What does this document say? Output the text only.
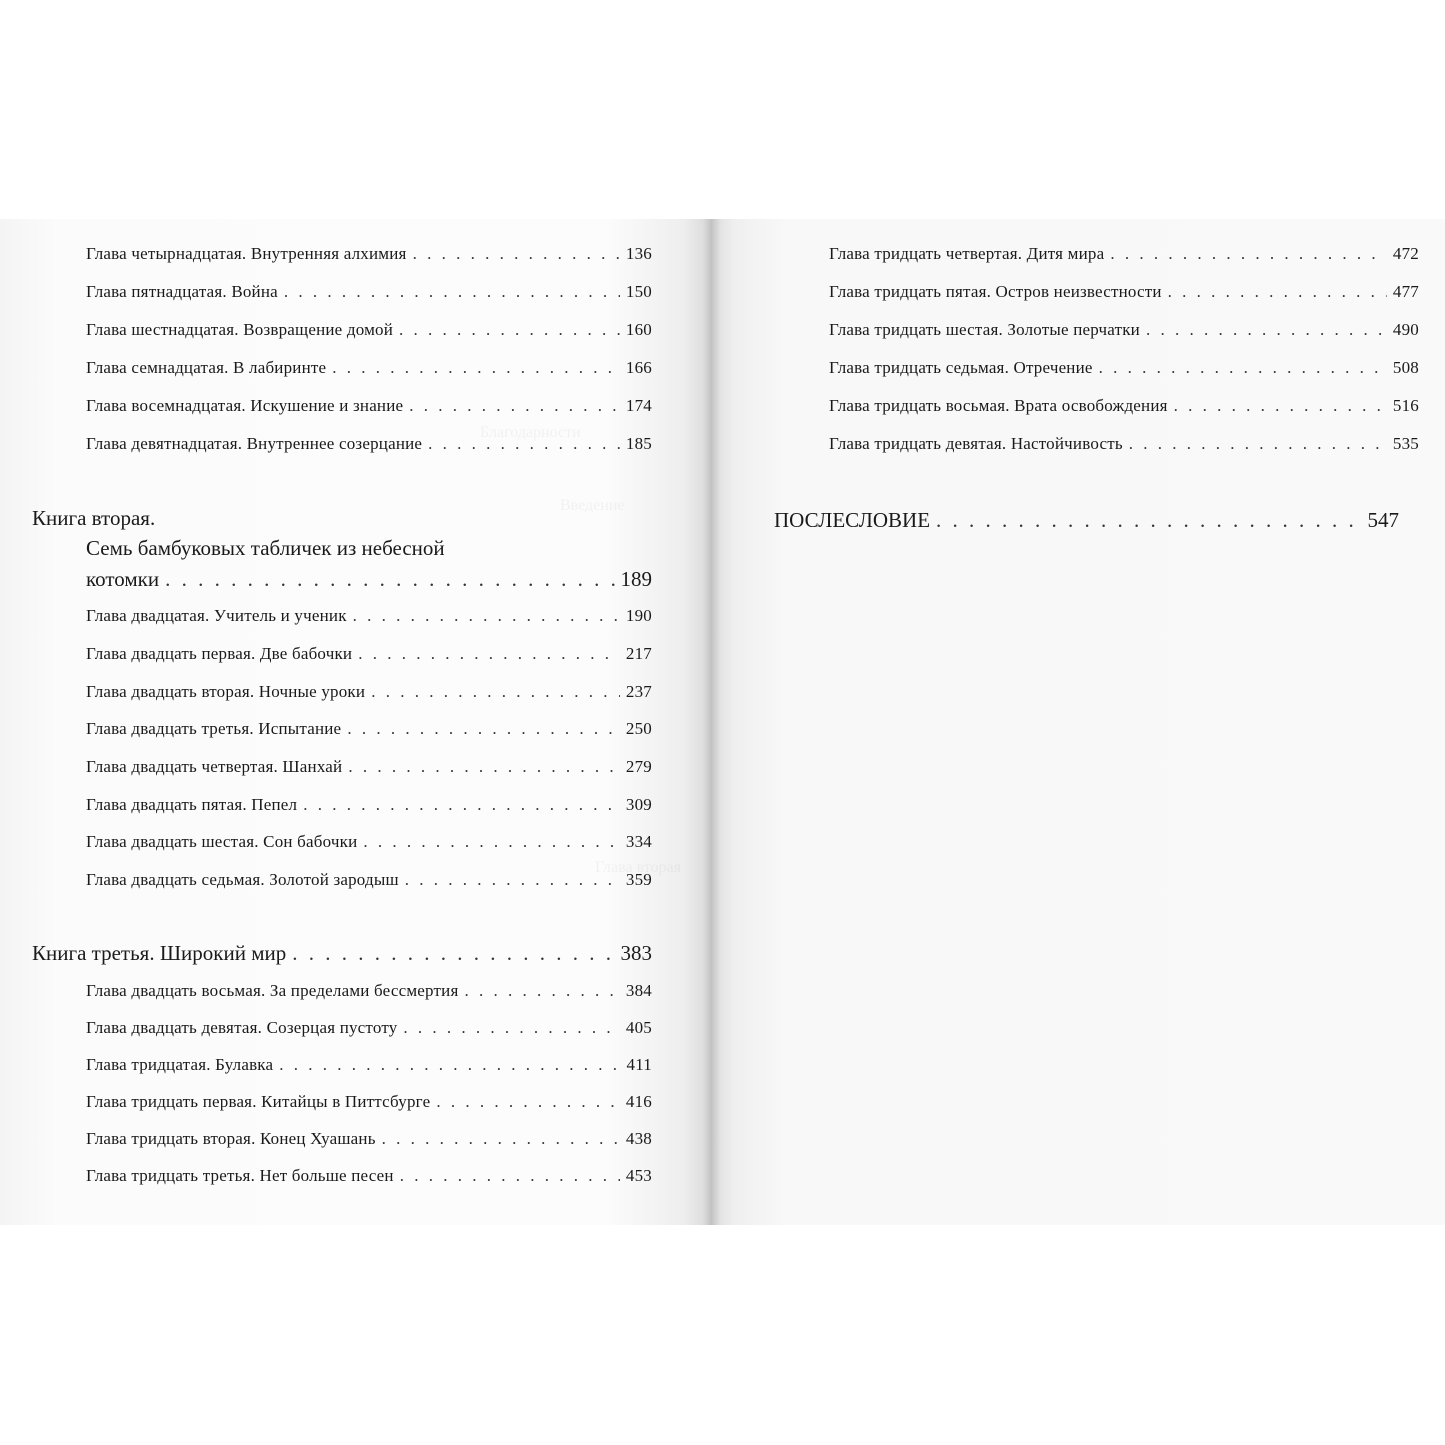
Глава четырнадцатая. Внутренняя алхимия . . .	136
Глава пятнадцатая. Война . . .	150
Глава шестнадцатая. Возвращение домой . . .	160
Глава семнадцатая. В лабиринте . . .	166
Глава восемнадцатая. Искушение и знание . . .	174
Глава девятнадцатая. Внутреннее созерцание . . .	185
Книга вторая.
Семь бамбуковых табличек из небесной
котомки . . .	189
Глава двадцатая. Учитель и ученик . . .	190
Глава двадцать первая. Две бабочки . . .	217
Глава двадцать вторая. Ночные уроки . . .	237
Глава двадцать третья. Испытание . . .	250
Глава двадцать четвертая. Шанхай . . .	279
Глава двадцать пятая. Пепел . . .	309
Глава двадцать шестая. Сон бабочки . . .	334
Глава двадцать седьмая. Золотой зародыш . . .	359
Книга третья. Широкий мир . . .	383
Глава двадцать восьмая. За пределами бессмертия . . .	384
Глава двадцать девятая. Созерцая пустоту . . .	405
Глава тридцатая. Булавка . . .	411
Глава тридцать первая. Китайцы в Питтсбурге . . .	416
Глава тридцать вторая. Конец Хуашань . . .	438
Глава тридцать третья. Нет больше песен . . .	453
Глава тридцать четвертая. Дитя мира . . .	472
Глава тридцать пятая. Остров неизвестности . . .	477
Глава тридцать шестая. Золотые перчатки . . .	490
Глава тридцать седьмая. Отречение . . .	508
Глава тридцать восьмая. Врата освобождения . . .	516
Глава тридцать девятая. Настойчивость . . .	535
ПОСЛЕСЛОВИЕ . . .	547
